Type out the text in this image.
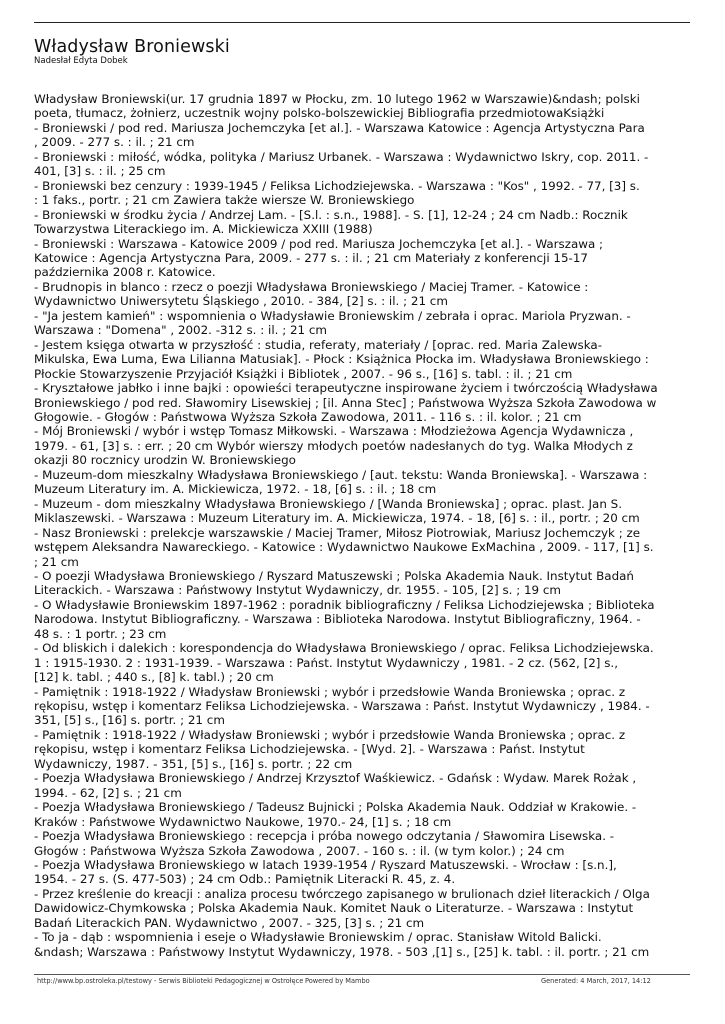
Władysław Broniewski
Nadesłał Edyta Dobek
Władysław Broniewski(ur. 17 grudnia 1897 w Płocku, zm. 10 lutego 1962 w Warszawie)&ndash; polski
poeta, tłumacz, żołnierz, uczestnik wojny polsko-bolszewickiej Bibliografia przedmiotowaKsiążki
- Broniewski / pod red. Mariusza Jochemczyka [et al.]. - Warszawa Katowice : Agencja Artystyczna Para
, 2009. - 277 s. : il. ; 21 cm
- Broniewski : miłość, wódka, polityka / Mariusz Urbanek. - Warszawa : Wydawnictwo Iskry, cop. 2011. -
401, [3] s. : il. ; 25 cm
- Broniewski bez cenzury : 1939-1945 / Feliksa Lichodziejewska. - Warszawa : "Kos" , 1992. - 77, [3] s.
: 1 faks., portr. ; 21 cm Zawiera także wiersze W. Broniewskiego
- Broniewski w środku życia / Andrzej Lam. - [S.l. : s.n., 1988]. - S. [1], 12-24 ; 24 cm Nadb.: Rocznik
Towarzystwa Literackiego im. A. Mickiewicza XXIII (1988)
- Broniewski : Warszawa - Katowice 2009 / pod red. Mariusza Jochemczyka [et al.]. - Warszawa ;
Katowice : Agencja Artystyczna Para, 2009. - 277 s. : il. ; 21 cm Materiały z konferencji 15-17
października 2008 r. Katowice.
- Brudnopis in blanco : rzecz o poezji Władysława Broniewskiego / Maciej Tramer. - Katowice :
Wydawnictwo Uniwersytetu Śląskiego , 2010. - 384, [2] s. : il. ; 21 cm
- "Ja jestem kamień" : wspomnienia o Władysławie Broniewskim / zebrała i oprac. Mariola Pryzwan. -
Warszawa : "Domena" , 2002. -312 s. : il. ; 21 cm
- Jestem księga otwarta w przyszłość : studia, referaty, materiały / [oprac. red. Maria Zalewska-
Mikulska, Ewa Luma, Ewa Lilianna Matusiak]. - Płock : Książnica Płocka im. Władysława Broniewskiego :
Płockie Stowarzyszenie Przyjaciół Książki i Bibliotek , 2007. - 96 s., [16] s. tabl. : il. ; 21 cm
- Kryształowe jabłko i inne bajki : opowieści terapeutyczne inspirowane życiem i twórczością Władysława
Broniewskiego / pod red. Sławomiry Lisewskiej ; [il. Anna Stec] ; Państwowa Wyższa Szkoła Zawodowa w
Głogowie. - Głogów : Państwowa Wyższa Szkoła Zawodowa, 2011. - 116 s. : il. kolor. ; 21 cm
- Mój Broniewski / wybór i wstęp Tomasz Miłkowski. - Warszawa : Młodzieżowa Agencja Wydawnicza ,
1979. - 61, [3] s. : err. ; 20 cm Wybór wierszy młodych poetów nadesłanych do tyg. Walka Młodych z
okazji 80 rocznicy urodzin W. Broniewskiego
- Muzeum-dom mieszkalny Władysława Broniewskiego / [aut. tekstu: Wanda Broniewska]. - Warszawa :
Muzeum Literatury im. A. Mickiewicza, 1972. - 18, [6] s. : il. ; 18 cm
- Muzeum - dom mieszkalny Władysława Broniewskiego / [Wanda Broniewska] ; oprac. plast. Jan S.
Miklaszewski. - Warszawa : Muzeum Literatury im. A. Mickiewicza, 1974. - 18, [6] s. : il., portr. ; 20 cm
- Nasz Broniewski : prelekcje warszawskie / Maciej Tramer, Miłosz Piotrowiak, Mariusz Jochemczyk ; ze
wstępem Aleksandra Nawareckiego. - Katowice : Wydawnictwo Naukowe ExMachina , 2009. - 117, [1] s.
; 21 cm
- O poezji Władysława Broniewskiego / Ryszard Matuszewski ; Polska Akademia Nauk. Instytut Badań
Literackich. - Warszawa : Państwowy Instytut Wydawniczy, dr. 1955. - 105, [2] s. ; 19 cm
- O Władysławie Broniewskim 1897-1962 : poradnik bibliograficzny / Feliksa Lichodziejewska ; Biblioteka
Narodowa. Instytut Bibliograficzny. - Warszawa : Biblioteka Narodowa. Instytut Bibliograficzny, 1964. -
48 s. : 1 portr. ; 23 cm
- Od bliskich i dalekich : korespondencja do Władysława Broniewskiego / oprac. Feliksa Lichodziejewska.
1 : 1915-1930. 2 : 1931-1939. - Warszawa : Państ. Instytut Wydawniczy , 1981. - 2 cz. (562, [2] s.,
[12] k. tabl. ; 440 s., [8] k. tabl.) ; 20 cm
- Pamiętnik : 1918-1922 / Władysław Broniewski ; wybór i przedsłowie Wanda Broniewska ; oprac. z
rękopisu, wstęp i komentarz Feliksa Lichodziejewska. - Warszawa : Państ. Instytut Wydawniczy , 1984. -
351, [5] s., [16] s. portr. ; 21 cm
- Pamiętnik : 1918-1922 / Władysław Broniewski ; wybór i przedsłowie Wanda Broniewska ; oprac. z
rękopisu, wstęp i komentarz Feliksa Lichodziejewska. - [Wyd. 2]. - Warszawa : Państ. Instytut
Wydawniczy, 1987. - 351, [5] s., [16] s. portr. ; 22 cm
- Poezja Władysława Broniewskiego / Andrzej Krzysztof Waśkiewicz. - Gdańsk : Wydaw. Marek Rożak ,
1994. - 62, [2] s. ; 21 cm
- Poezja Władysława Broniewskiego / Tadeusz Bujnicki ; Polska Akademia Nauk. Oddział w Krakowie. -
Kraków : Państwowe Wydawnictwo Naukowe, 1970.- 24, [1] s. ; 18 cm
- Poezja Władysława Broniewskiego : recepcja i próba nowego odczytania / Sławomira Lisewska. -
Głogów : Państwowa Wyższa Szkoła Zawodowa , 2007. - 160 s. : il. (w tym kolor.) ; 24 cm
- Poezja Władysława Broniewskiego w latach 1939-1954 / Ryszard Matuszewski. - Wrocław : [s.n.],
1954. - 27 s. (S. 477-503) ; 24 cm Odb.: Pamiętnik Literacki R. 45, z. 4.
- Przez kreślenie do kreacji : analiza procesu twórczego zapisanego w brulionach dzieł literackich / Olga
Dawidowicz-Chymkowska ; Polska Akademia Nauk. Komitet Nauk o Literaturze. - Warszawa : Instytut
Badań Literackich PAN. Wydawnictwo , 2007. - 325, [3] s. ; 21 cm
- To ja - dąb : wspomnienia i eseje o Władysławie Broniewskim / oprac. Stanisław Witold Balicki.
&ndash; Warszawa : Państwowy Instytut Wydawniczy, 1978. - 503 ,[1] s., [25] k. tabl. : il. portr. ; 21 cm
http://www.bp.ostroleka.pl/testowy - Serwis Biblioteki Pedagogicznej w Ostrołęce Powered by Mambo	Generated: 4 March, 2017, 14:12
